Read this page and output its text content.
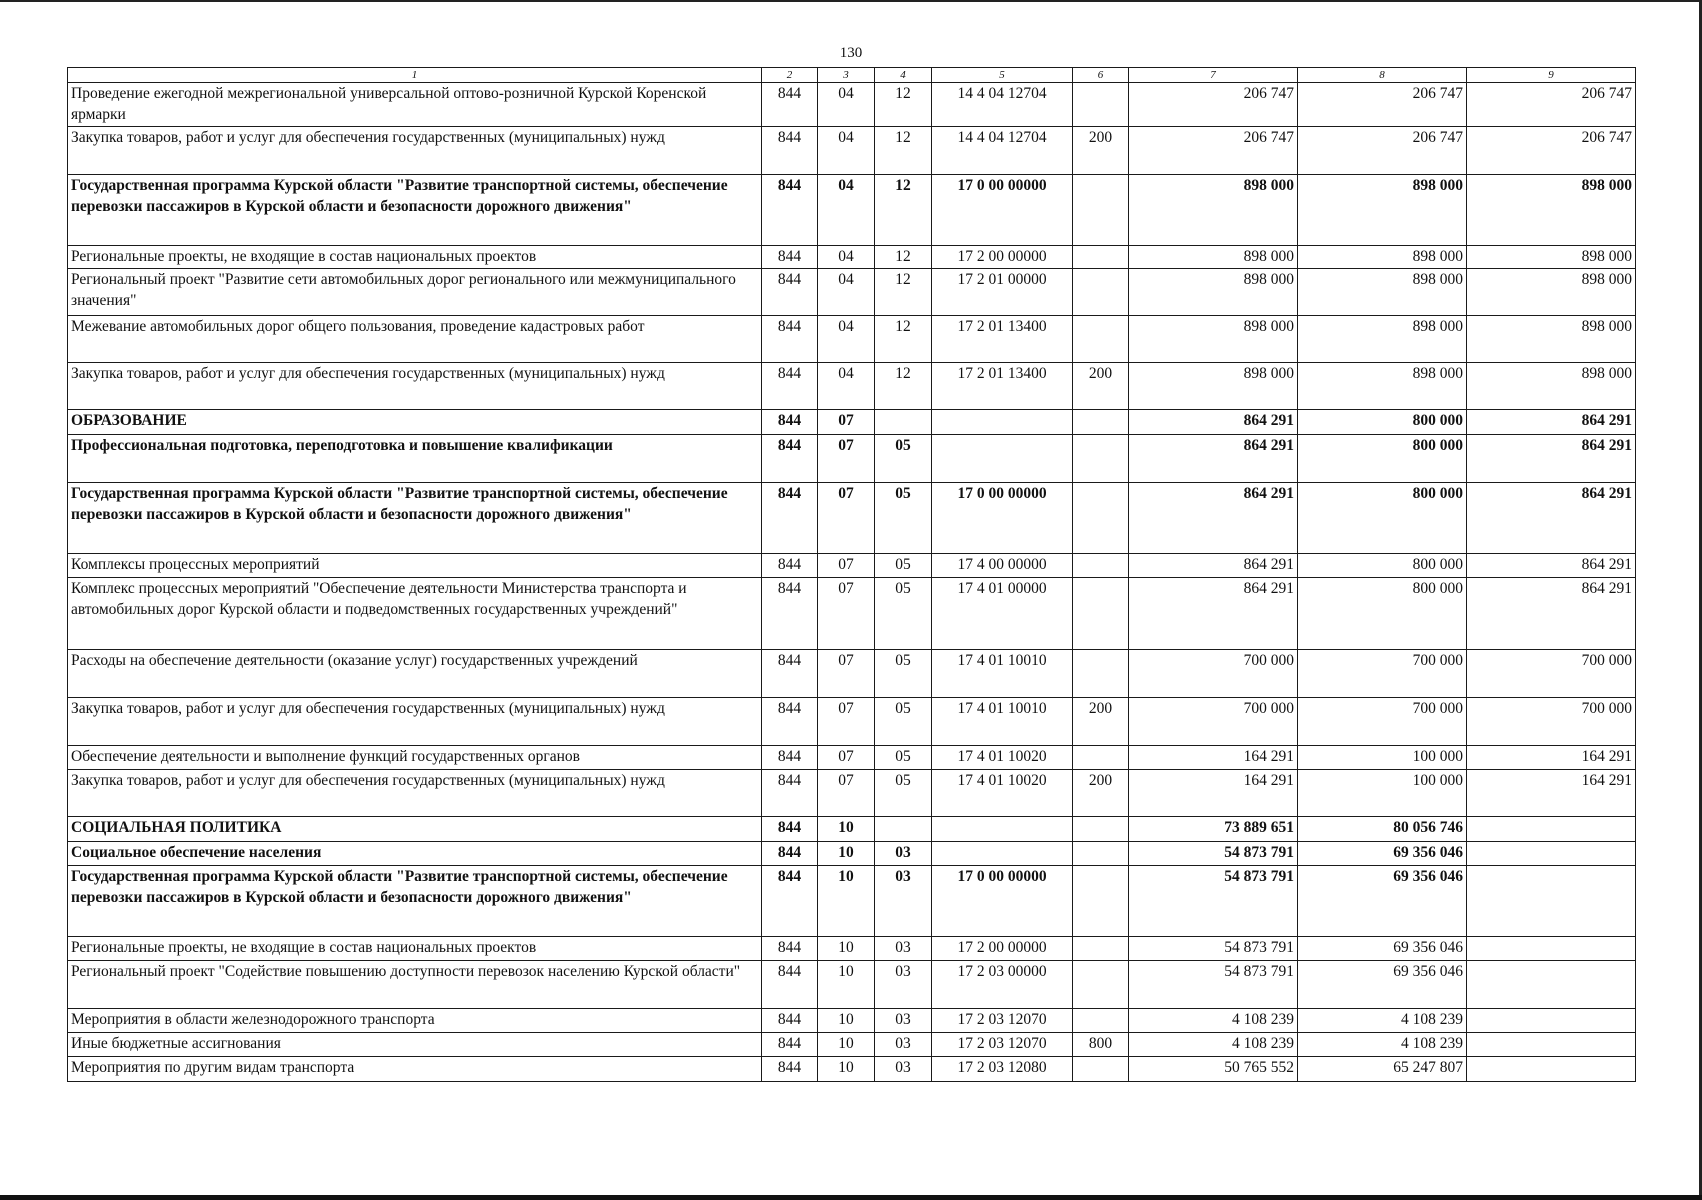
130
1	2	3	4	5	6	7	8	9
Проведение ежегодной межрегиональной универсальной оптово-розничной Курской Коренской ярмарки	844	04	12	14 4 04 12704		206 747	206 747	206 747
Закупка товаров, работ и услуг для обеспечения государственных (муниципальных) нужд	844	04	12	14 4 04 12704	200	206 747	206 747	206 747
Государственная программа Курской области "Развитие транспортной системы, обеспечение перевозки пассажиров в Курской области и безопасности дорожного движения"	844	04	12	17 0 00 00000		898 000	898 000	898 000
Региональные проекты, не входящие в состав национальных проектов	844	04	12	17 2 00 00000		898 000	898 000	898 000
Региональный проект "Развитие сети автомобильных дорог регионального или межмуниципального значения"	844	04	12	17 2 01 00000		898 000	898 000	898 000
Межевание автомобильных дорог общего пользования, проведение кадастровых работ	844	04	12	17 2 01 13400		898 000	898 000	898 000
Закупка товаров, работ и услуг для обеспечения государственных (муниципальных) нужд	844	04	12	17 2 01 13400	200	898 000	898 000	898 000
ОБРАЗОВАНИЕ	844	07				864 291	800 000	864 291
Профессиональная подготовка, переподготовка и повышение квалификации	844	07	05			864 291	800 000	864 291
Государственная программа Курской области "Развитие транспортной системы, обеспечение перевозки пассажиров в Курской области и безопасности дорожного движения"	844	07	05	17 0 00 00000		864 291	800 000	864 291
Комплексы процессных мероприятий	844	07	05	17 4 00 00000		864 291	800 000	864 291
Комплекс процессных мероприятий "Обеспечение деятельности Министерства транспорта и автомобильных дорог Курской области и подведомственных государственных учреждений"	844	07	05	17 4 01 00000		864 291	800 000	864 291
Расходы на обеспечение деятельности (оказание услуг) государственных учреждений	844	07	05	17 4 01 10010		700 000	700 000	700 000
Закупка товаров, работ и услуг для обеспечения государственных (муниципальных) нужд	844	07	05	17 4 01 10010	200	700 000	700 000	700 000
Обеспечение деятельности и выполнение функций государственных органов	844	07	05	17 4 01 10020		164 291	100 000	164 291
Закупка товаров, работ и услуг для обеспечения государственных (муниципальных) нужд	844	07	05	17 4 01 10020	200	164 291	100 000	164 291
СОЦИАЛЬНАЯ ПОЛИТИКА	844	10				73 889 651	80 056 746	
Социальное обеспечение населения	844	10	03			54 873 791	69 356 046	
Государственная программа Курской области "Развитие транспортной системы, обеспечение перевозки пассажиров в Курской области и безопасности дорожного движения"	844	10	03	17 0 00 00000		54 873 791	69 356 046	
Региональные проекты, не входящие в состав национальных проектов	844	10	03	17 2 00 00000		54 873 791	69 356 046	
Региональный проект "Содействие повышению доступности перевозок населению Курской области"	844	10	03	17 2 03 00000		54 873 791	69 356 046	
Мероприятия в области железнодорожного транспорта	844	10	03	17 2 03 12070		4 108 239	4 108 239	
Иные бюджетные ассигнования	844	10	03	17 2 03 12070	800	4 108 239	4 108 239	
Мероприятия по другим видам транспорта	844	10	03	17 2 03 12080		50 765 552	65 247 807	
